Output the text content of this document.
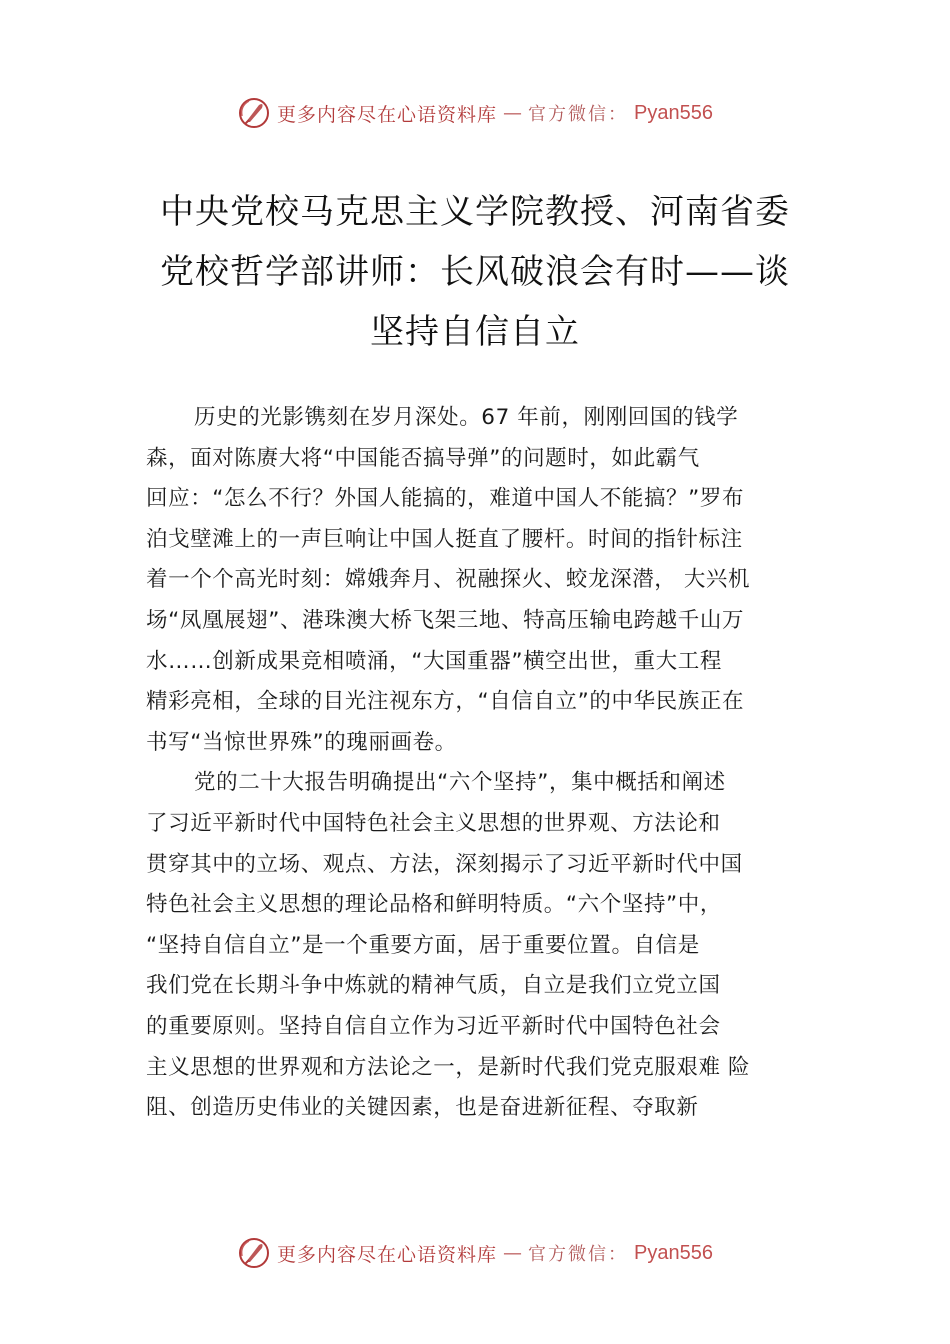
更多内容尽在心语资料库 — 官方微信： Pyan556
中央党校马克思主义学院教授、河南省委
党校哲学部讲师：长风破浪会有时——谈
坚持自信自立
历史的光影镌刻在岁月深处。67 年前，刚刚回国的钱学
森，面对陈赓大将“中国能否搞导弹”的问题时，如此霸气
回应：“怎么不行？外国人能搞的，难道中国人不能搞？”罗布
泊戈壁滩上的一声巨响让中国人挺直了腰杆。时间的指针标注
着一个个高光时刻：嫦娥奔月、祝融探火、蛟龙深潜， 大兴机
场“凤凰展翅”、港珠澳大桥飞架三地、特高压输电跨越千山万
水……创新成果竞相喷涌，“大国重器”横空出世，重大工程
精彩亮相，全球的目光注视东方，“自信自立”的中华民族正在
书写“当惊世界殊”的瑰丽画卷。
党的二十大报告明确提出“六个坚持”，集中概括和阐述
了习近平新时代中国特色社会主义思想的世界观、方法论和
贯穿其中的立场、观点、方法，深刻揭示了习近平新时代中国
特色社会主义思想的理论品格和鲜明特质。“六个坚持”中，
“坚持自信自立”是一个重要方面，居于重要位置。自信是
我们党在长期斗争中炼就的精神气质，自立是我们立党立国
的重要原则。坚持自信自立作为习近平新时代中国特色社会
主义思想的世界观和方法论之一，是新时代我们党克服艰难 险
阻、创造历史伟业的关键因素，也是奋进新征程、夺取新
更多内容尽在心语资料库 — 官方微信： Pyan556
